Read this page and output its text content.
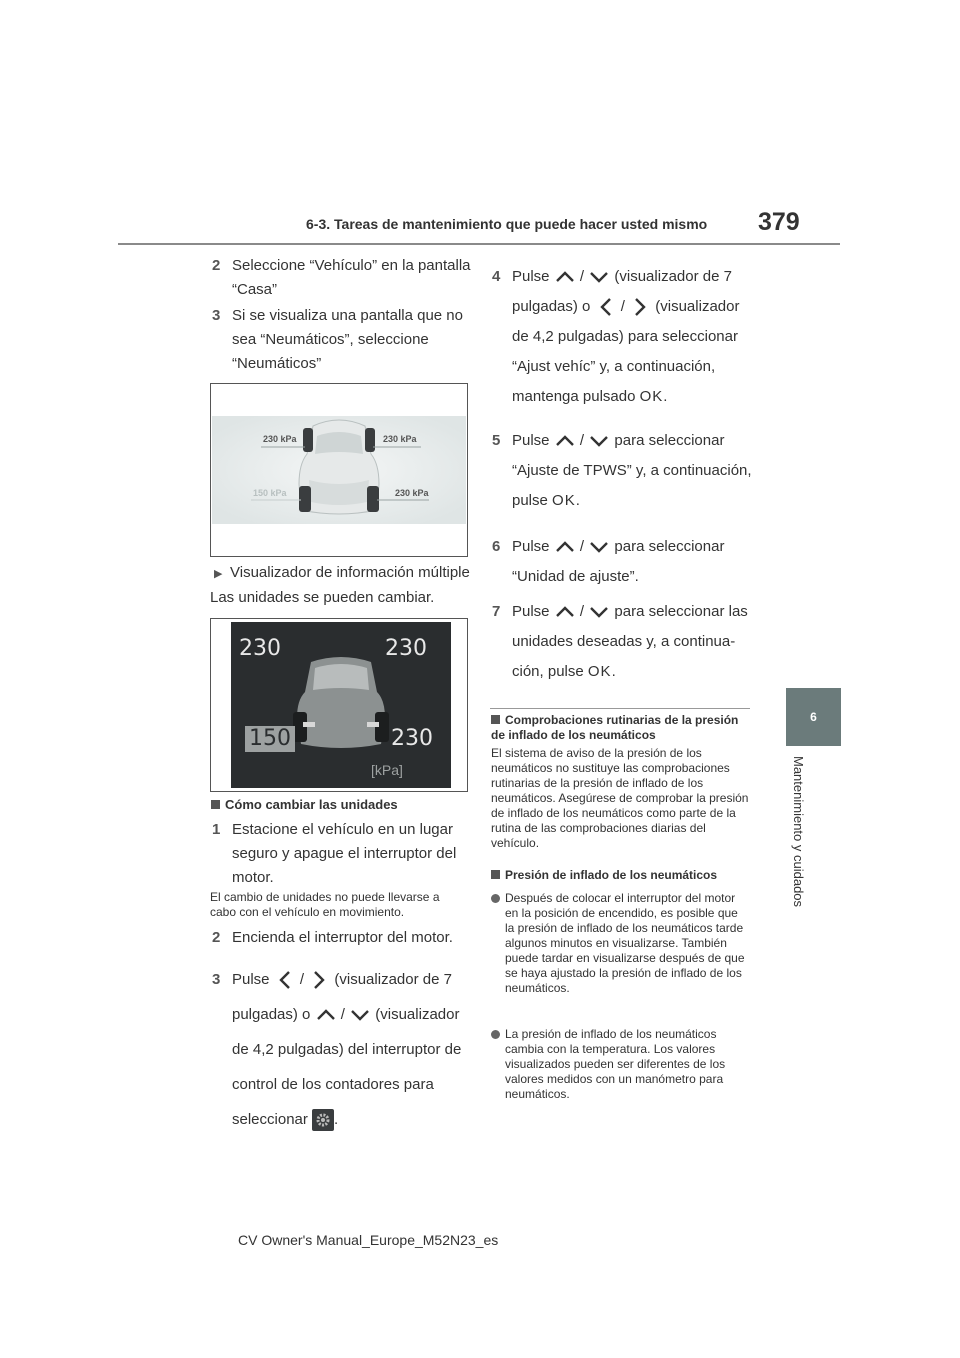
6-3. Tareas de mantenimiento que puede hacer usted mismo 379
6
Mantenimiento y cuidados
2 Seleccione “Vehículo” en la pantalla “Casa”
3 Si se visualiza una pantalla que no sea “Neumáticos”, seleccione “Neumáticos”
230 kPa	230 kPa
150 kPa	230 kPa
▶ Visualizador de información múltiple
Las unidades se pueden cambiar.
230	230
150	230
[kPa]
Cómo cambiar las unidades
1 Estacione el vehículo en un lugar seguro y apague el interruptor del motor.
El cambio de unidades no puede llevarse a cabo con el vehículo en movimiento.
2 Encienda el interruptor del motor.
3 Pulse / (visualizador de 7
pulgadas) o / (visualizador
de 4,2 pulgadas) del interruptor de
control de los contadores para
seleccionar .
4 Pulse / (visualizador de 7
pulgadas) o / (visualizador
de 4,2 pulgadas) para seleccionar
“Ajust vehíc” y, a continuación,
mantenga pulsado OK.
5 Pulse / para seleccionar
“Ajuste de TPWS” y, a continuación,
pulse OK.
6 Pulse / para seleccionar
“Unidad de ajuste”.
7 Pulse / para seleccionar las
unidades deseadas y, a continua-
ción, pulse OK.
Comprobaciones rutinarias de la presión de inflado de los neumáticos
El sistema de aviso de la presión de los neumáticos no sustituye las comprobaciones rutinarias de la presión de inflado de los neumáticos. Asegúrese de comprobar la presión de inflado de los neumáticos como parte de la rutina de las comprobaciones diarias del vehículo.
Presión de inflado de los neumáticos
Después de colocar el interruptor del motor en la posición de encendido, es posible que la presión de inflado de los neumáticos tarde algunos minutos en visualizarse. También puede tardar en visualizarse después de que se haya ajustado la presión de inflado de los neumáticos.
La presión de inflado de los neumáticos cambia con la temperatura. Los valores visualizados pueden ser diferentes de los valores medidos con un manómetro para neumáticos.
CV Owner's Manual_Europe_M52N23_es
